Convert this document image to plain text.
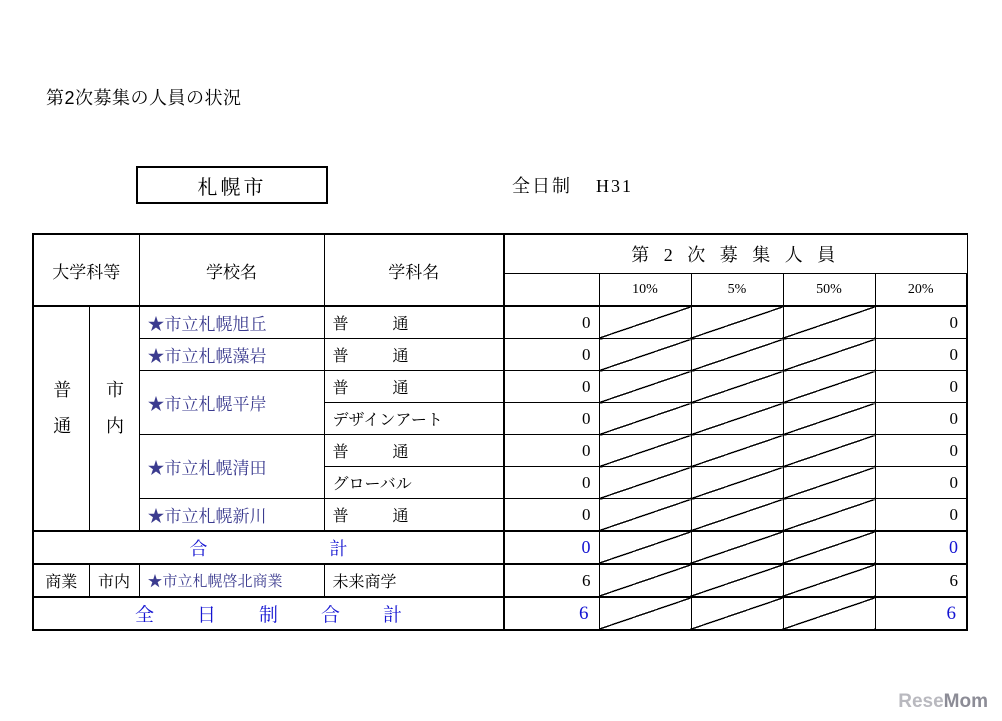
第2次募集の人員の状況
札幌市	全日制 H31
大学科等		学校名	学科名	第 2 次 募 集 人 員				
					10%	5%	50%	20%
普通	市内	★市立札幌旭丘	普　通	0				0
		★市立札幌藻岩	普　通	0				0
		★市立札幌平岸	普　通	0				0
			デザインアート	0				0
		★市立札幌清田	普　通	0				0
			グローバル	0				0
		★市立札幌新川	普　通	0				0
合　　　　計				0				0
商業	市内	★市立札幌啓北商業	未来商学	6				6
全　日　制　合　計				6				6
ReseMom
